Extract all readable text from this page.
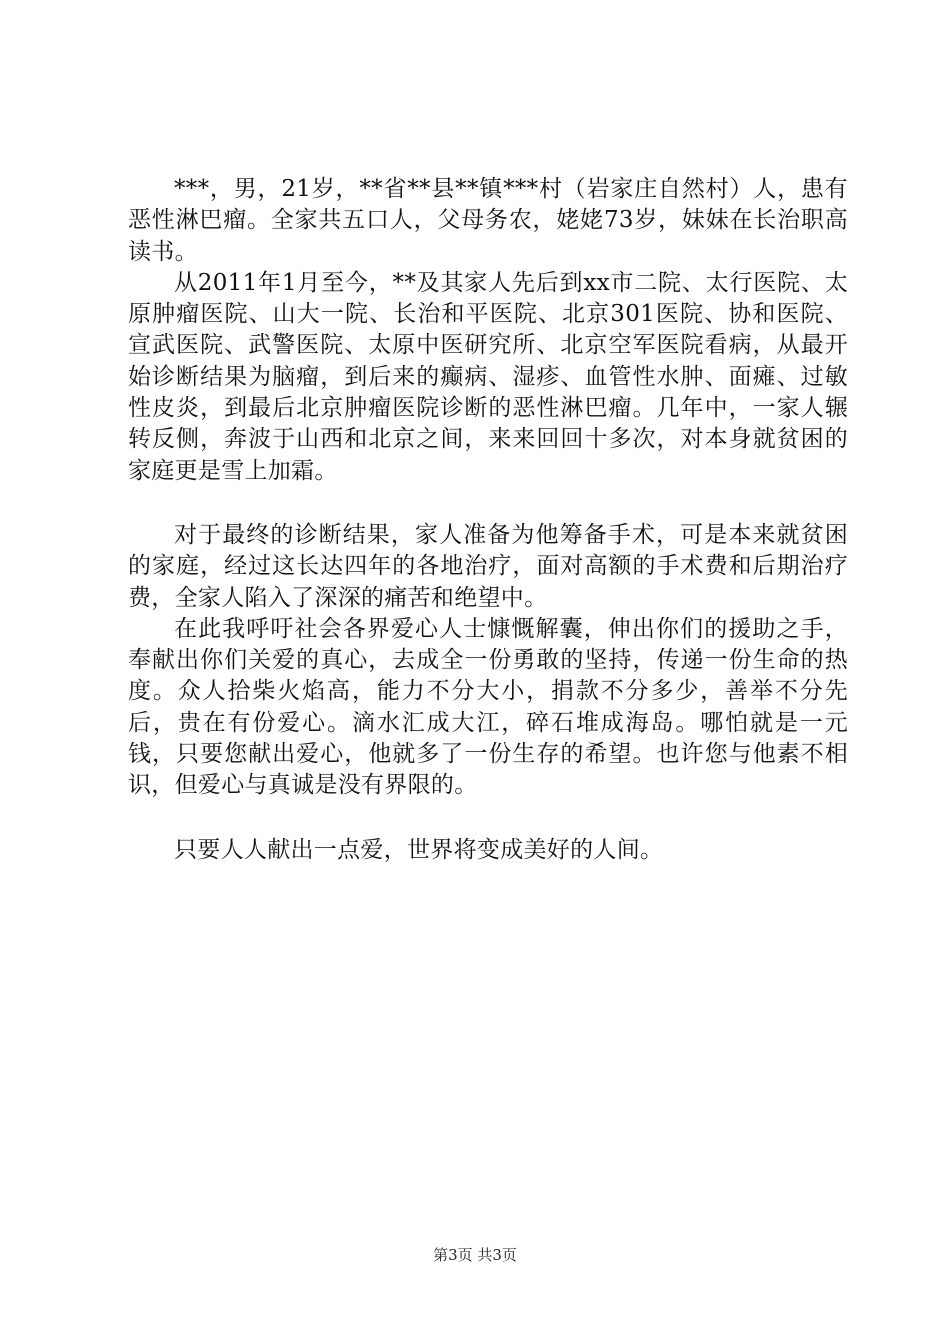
***，男，21岁，**省**县**镇***村（岩家庄自然村）人，患有恶性淋巴瘤。全家共五口人，父母务农，姥姥73岁，妹妹在长治职高读书。

从2011年1月至今，**及其家人先后到xx市二院、太行医院、太原肿瘤医院、山大一院、长治和平医院、北京301医院、协和医院、宣武医院、武警医院、太原中医研究所、北京空军医院看病，从最开始诊断结果为脑瘤，到后来的癫病、湿疹、血管性水肿、面瘫、过敏性皮炎，到最后北京肿瘤医院诊断的恶性淋巴瘤。几年中，一家人辗转反侧，奔波于山西和北京之间，来来回回十多次，对本身就贫困的家庭更是雪上加霜。

对于最终的诊断结果，家人准备为他筹备手术，可是本来就贫困的家庭，经过这长达四年的各地治疗，面对高额的手术费和后期治疗费，全家人陷入了深深的痛苦和绝望中。

在此我呼吁社会各界爱心人士慷慨解囊，伸出你们的援助之手，奉献出你们关爱的真心，去成全一份勇敢的坚持，传递一份生命的热度。众人拾柴火焰高，能力不分大小，捐款不分多少，善举不分先后，贵在有份爱心。滴水汇成大江，碎石堆成海岛。哪怕就是一元钱，只要您献出爱心，他就多了一份生存的希望。也许您与他素不相识，但爱心与真诚是没有界限的。

只要人人献出一点爱，世界将变成美好的人间。

第3页 共3页
